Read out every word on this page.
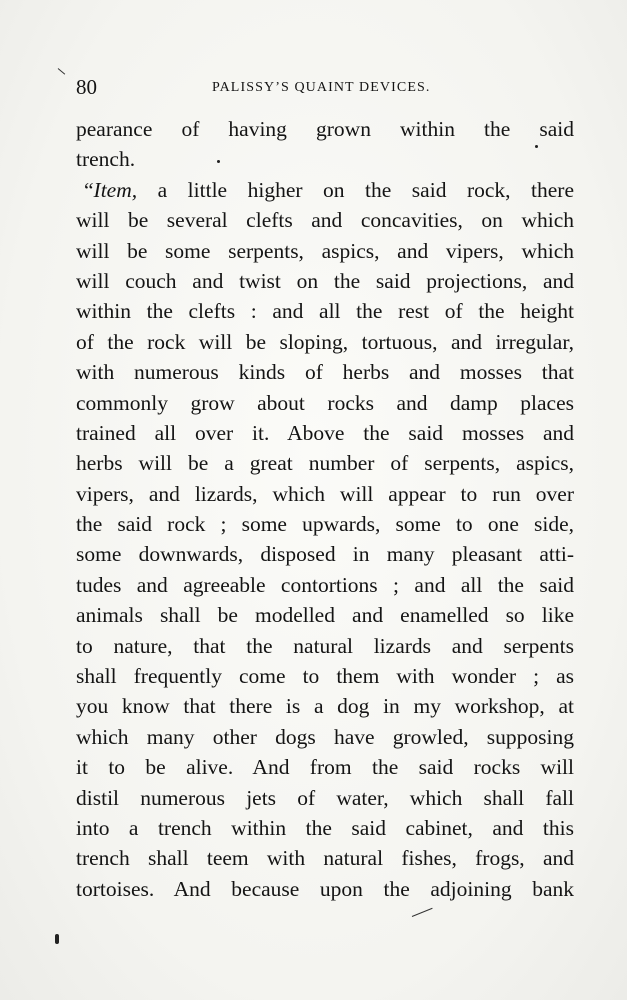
80	PALISSY’S QUAINT DEVICES.
pearance of having grown within the said
trench.
“Item, a little higher on the said rock, there
will be several clefts and concavities, on which
will be some serpents, aspics, and vipers, which
will couch and twist on the said projections, and
within the clefts : and all the rest of the height
of the rock will be sloping, tortuous, and irregular,
with numerous kinds of herbs and mosses that
commonly grow about rocks and damp places
trained all over it. Above the said mosses and
herbs will be a great number of serpents, aspics,
vipers, and lizards, which will appear to run over
the said rock ; some upwards, some to one side,
some downwards, disposed in many pleasant atti-
tudes and agreeable contortions ; and all the said
animals shall be modelled and enamelled so like
to nature, that the natural lizards and serpents
shall frequently come to them with wonder ; as
you know that there is a dog in my workshop, at
which many other dogs have growled, supposing
it to be alive. And from the said rocks will
distil numerous jets of water, which shall fall
into a trench within the said cabinet, and this
trench shall teem with natural fishes, frogs, and
tortoises. And because upon the adjoining bank
